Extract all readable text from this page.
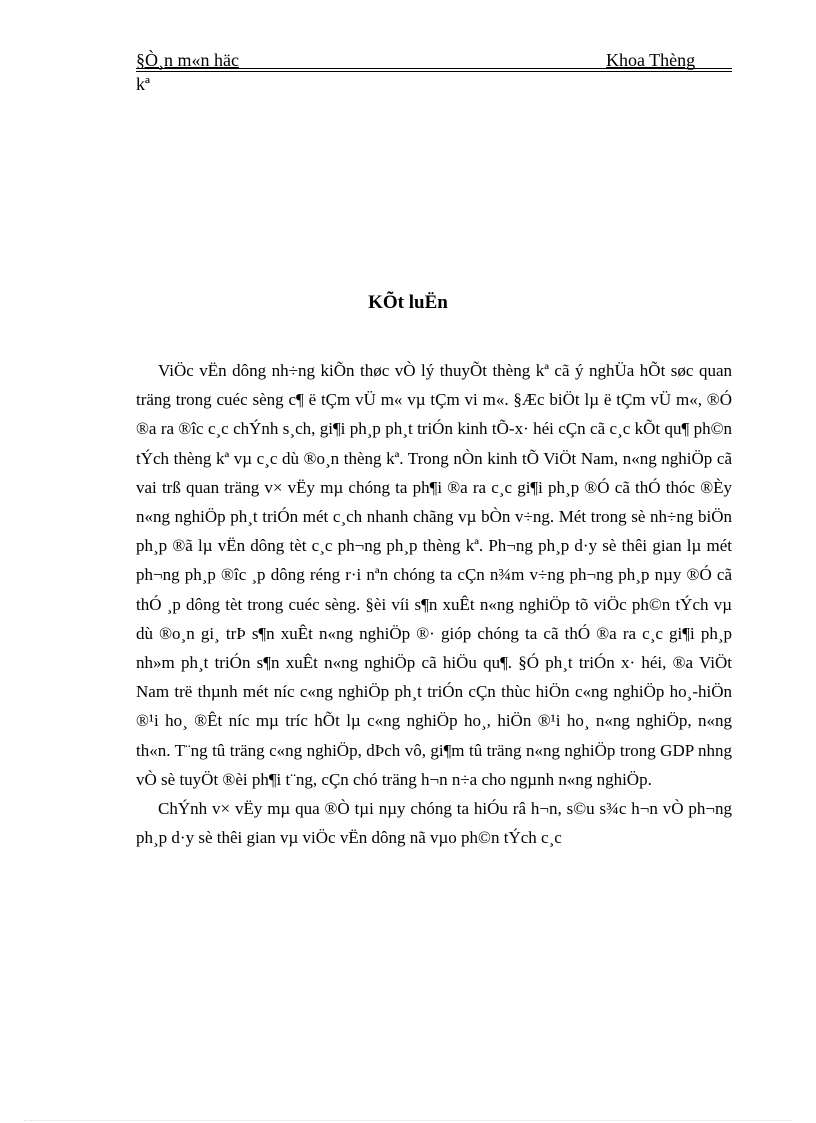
§Ò¸n m«n häc	Khoa Thèng
kª
KÕt luËn

ViÖc vËn dông nh÷ng kiÕn thøc vÒ lý thuyÕt thèng kª cã ý nghÜa hÕt søc quan träng trong cuéc sèng c¶ ë tÇm vÜ m« vµ tÇm vi m«. §Æc biÖt lµ ë tÇm vÜ m«, ®Ó ®a ra ®îc c¸c chÝnh s¸ch, gi¶i ph¸p ph¸t triÓn kinh tÕ-x· héi cÇn cã c¸c kÕt qu¶ ph©n tÝch thèng kª vµ c¸c dù ®o¸n thèng kª. Trong nÒn kinh tÕ ViÖt Nam, n«ng nghiÖp cã vai trß quan träng v× vËy mµ chóng ta ph¶i ®a ra c¸c gi¶i ph¸p ®Ó cã thÓ thóc ®Èy n«ng nghiÖp ph¸t triÓn mét c¸ch nhanh chãng vµ bÒn v÷ng. Mét trong sè nh÷ng biÖn ph¸p ®ã lµ vËn dông tèt c¸c ph¬ng ph¸p thèng kª. Ph¬ng ph¸p d·y sè thêi gian lµ mét ph¬ng ph¸p ®îc ¸p dông réng r·i nªn chóng ta cÇn n¾m v÷ng ph¬ng ph¸p nµy ®Ó cã thÓ ¸p dông tèt trong cuéc sèng. §èi víi s¶n xuÊt n«ng nghiÖp tõ viÖc ph©n tÝch vµ dù ®o¸n gi¸ trÞ s¶n xuÊt n«ng nghiÖp ®· gióp chóng ta cã thÓ ®a ra c¸c gi¶i ph¸p nh»m ph¸t triÓn s¶n xuÊt n«ng nghiÖp cã hiÖu qu¶. §Ó ph¸t triÓn x· héi, ®a ViÖt Nam trë thµnh mét níc c«ng nghiÖp ph¸t triÓn cÇn thùc hiÖn c«ng nghiÖp ho¸-hiÖn ®¹i ho¸ ®Êt níc mµ tríc hÕt lµ c«ng nghiÖp ho¸, hiÖn ®¹i ho¸ n«ng nghiÖp, n«ng th«n. T¨ng tû träng c«ng nghiÖp, dÞch vô, gi¶m tû träng n«ng nghiÖp trong GDP nhng vÒ sè tuyÖt ®èi ph¶i t¨ng, cÇn chó träng h¬n n÷a cho ngµnh n«ng nghiÖp.

ChÝnh v× vËy mµ qua ®Ò tµi nµy chóng ta hiÓu râ h¬n, s©u s¾c h¬n vÒ ph¬ng ph¸p d·y sè thêi gian vµ viÖc vËn dông nã vµo ph©n tÝch c¸c
